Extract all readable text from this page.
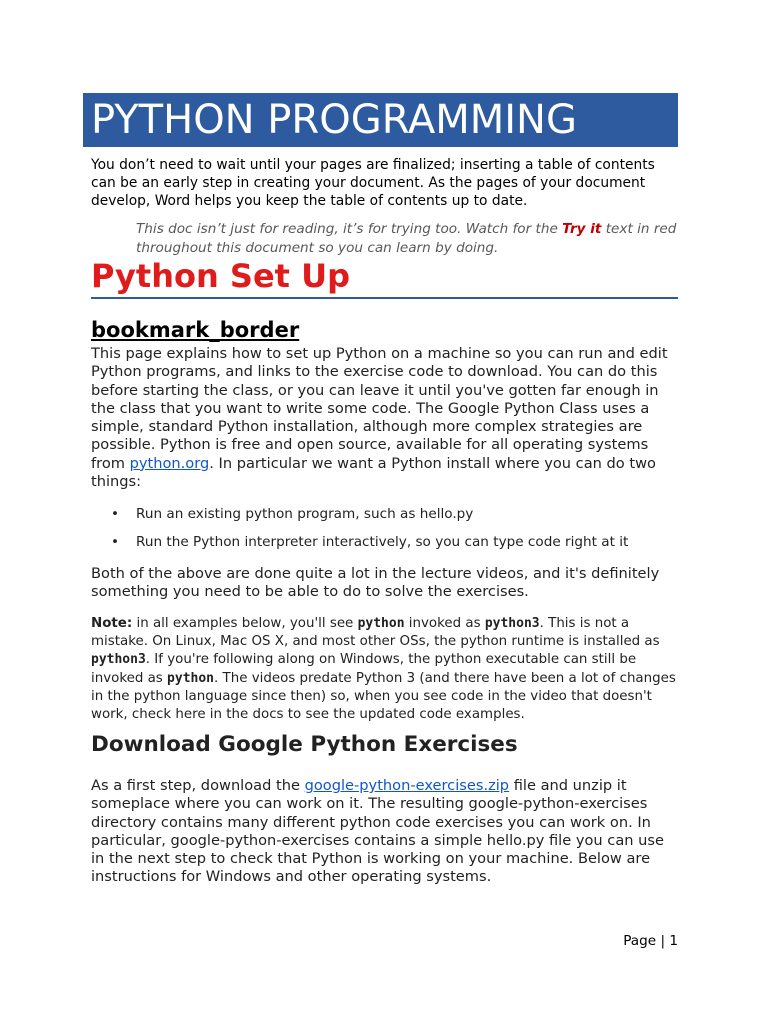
PYTHON PROGRAMMING
You don’t need to wait until your pages are finalized; inserting a table of contents can be an early step in creating your document. As the pages of your document develop, Word helps you keep the table of contents up to date.
This doc isn’t just for reading, it’s for trying too. Watch for the Try it text in red throughout this document so you can learn by doing.
Python Set Up
bookmark_border
This page explains how to set up Python on a machine so you can run and edit Python programs, and links to the exercise code to download. You can do this before starting the class, or you can leave it until you've gotten far enough in the class that you want to write some code. The Google Python Class uses a simple, standard Python installation, although more complex strategies are possible. Python is free and open source, available for all operating systems from python.org. In particular we want a Python install where you can do two things:
• Run an existing python program, such as hello.py
• Run the Python interpreter interactively, so you can type code right at it
Both of the above are done quite a lot in the lecture videos, and it's definitely something you need to be able to do to solve the exercises.
Note: in all examples below, you'll see python invoked as python3. This is not a mistake. On Linux, Mac OS X, and most other OSs, the python runtime is installed as python3. If you're following along on Windows, the python executable can still be invoked as python. The videos predate Python 3 (and there have been a lot of changes in the python language since then) so, when you see code in the video that doesn't work, check here in the docs to see the updated code examples.
Download Google Python Exercises
As a first step, download the google-python-exercises.zip file and unzip it someplace where you can work on it. The resulting google-python-exercises directory contains many different python code exercises you can work on. In particular, google-python-exercises contains a simple hello.py file you can use in the next step to check that Python is working on your machine. Below are instructions for Windows and other operating systems.
Page | 1
